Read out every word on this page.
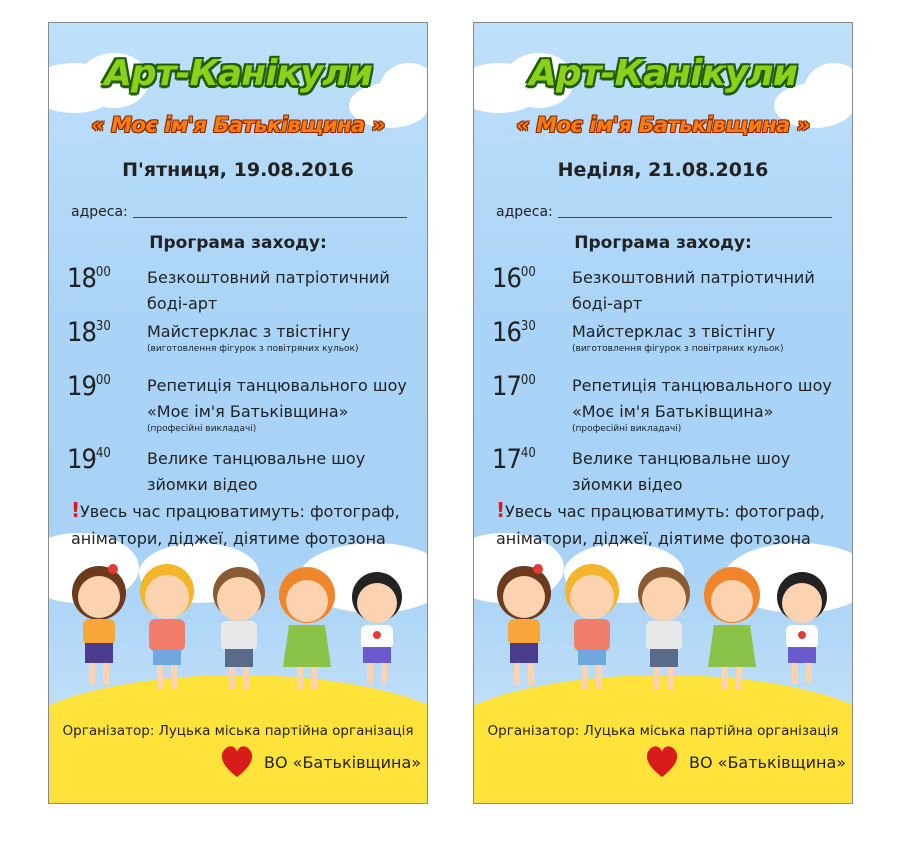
Арт-Канікули
« Моє ім'я Батьківщина »
П'ятниця, 19.08.2016
адреса:
Програма заходу:
$18^{00}$ Безкоштовний патріотичний
боді-арт
$18^{30}$ Майстерклас з твістінгу
(виготовлення фігурок з повітряних кульок)
$19^{00}$ Репетиція танцювального шоу
«Моє ім'я Батьківщина»
(професійні викладачі)
$19^{40}$ Велике танцювальне шоу
зйомки відео
!Увесь час працюватимуть: фотограф, аніматори, діджеї, діятиме фотозона
Організатор: Луцька міська партійна організація
ВО «Батьківщина»
Арт-Канікули
« Моє ім'я Батьківщина »
Неділя, 21.08.2016
адреса:
Програма заходу:
$16^{00}$ Безкоштовний патріотичний
боді-арт
$16^{30}$ Майстерклас з твістінгу
(виготовлення фігурок з повітряних кульок)
$17^{00}$ Репетиція танцювального шоу
«Моє ім'я Батьківщина»
(професійні викладачі)
$17^{40}$ Велике танцювальне шоу
зйомки відео
!Увесь час працюватимуть: фотограф, аніматори, діджеї, діятиме фотозона
Організатор: Луцька міська партійна організація
ВО «Батьківщина»
